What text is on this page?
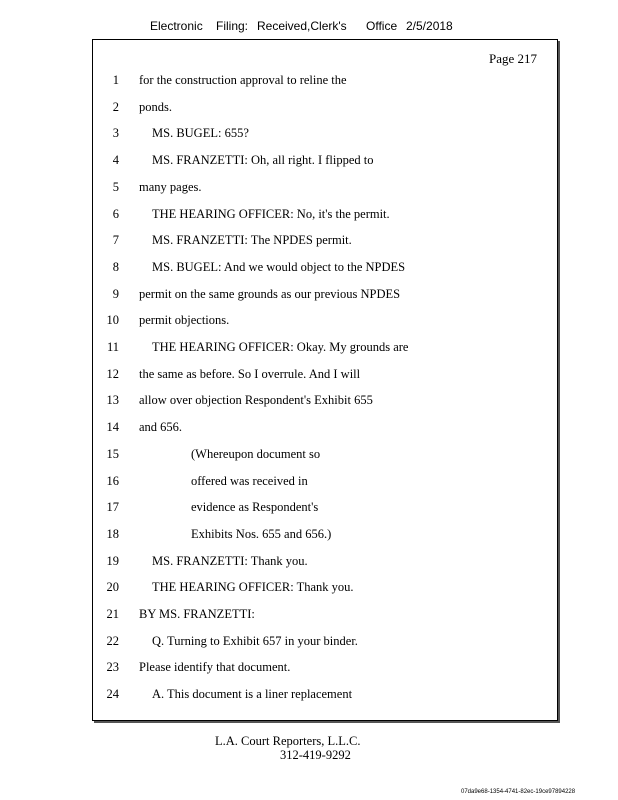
Electronic Filing: Received,Clerk's Office 2/5/2018
Page 217
1 for the construction approval to reline the
2 ponds.
3	MS. BUGEL: 655?
4	MS. FRANZETTI: Oh, all right. I flipped to
5 many pages.
6	THE HEARING OFFICER: No, it's the permit.
7	MS. FRANZETTI: The NPDES permit.
8	MS. BUGEL: And we would object to the NPDES
9 permit on the same grounds as our previous NPDES
10 permit objections.
11	THE HEARING OFFICER: Okay. My grounds are
12 the same as before. So I overrule. And I will
13 allow over objection Respondent's Exhibit 655
14 and 656.
15	(Whereupon document so
16	offered was received in
17	evidence as Respondent's
18	Exhibits Nos. 655 and 656.)
19	MS. FRANZETTI: Thank you.
20	THE HEARING OFFICER: Thank you.
21 BY MS. FRANZETTI:
22	Q. Turning to Exhibit 657 in your binder.
23 Please identify that document.
24	A. This document is a liner replacement
L.A. Court Reporters, L.L.C.
312-419-9292
07da9e68-1354-4741-82ec-19ce97894228
